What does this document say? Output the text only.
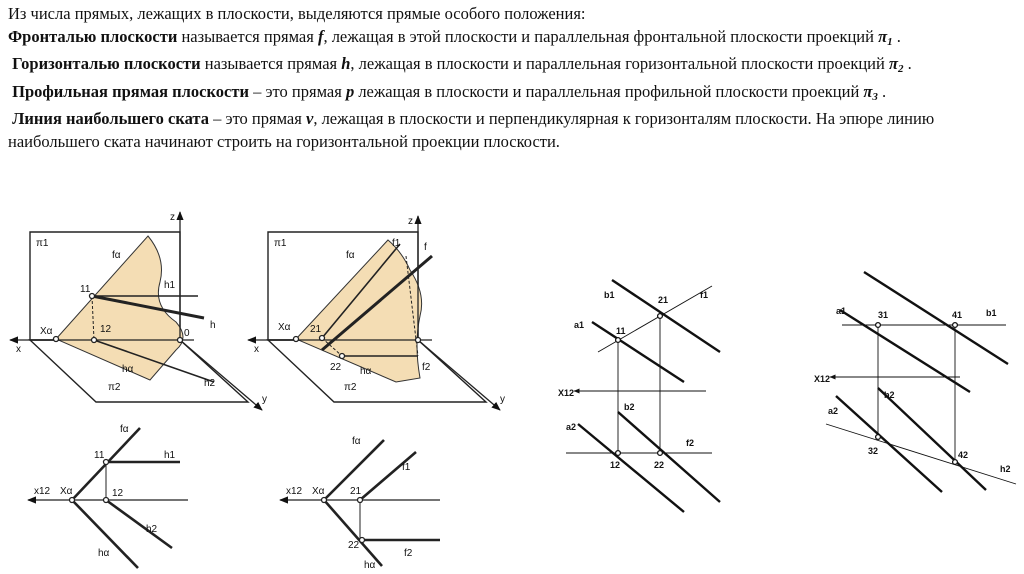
Из числа прямых, лежащих в плоскости, выделяются прямые особого положения:

Фронталью плоскости называется прямая f, лежащая в этой плоскости и параллельная фронтальной плоскости проекций $\pi_1$ .

Горизонталью плоскости называется прямая h, лежащая в плоскости и параллельная горизонтальной плоскости проекций $\pi_2$ .

Профильная прямая плоскости – это прямая p лежащая в плоскости и параллельная профильной плоскости проекций $\pi_3$ .

Линия наибольшего ската – это прямая v, лежащая в плоскости и перпендикулярная к горизонталям плоскости. На эпюре линию наибольшего ската начинают строить на горизонтальной проекции плоскости.

π1
π2
fα
hα
x
z
y
Xα
h1
h
h2
11
12	0
π1
π2
fα
hα
x
z
y
Xα
f1 f
f2
21
22
fα
h1
11
12
x12 Xα
h2
hα
fα
f1
21
x12 Xα
22
f2
hα
b1	21	f1
a1
11
X12
b2
a2
f2
12	22
a1	31	41	b1
X12
b2
a2
32	42
h2
